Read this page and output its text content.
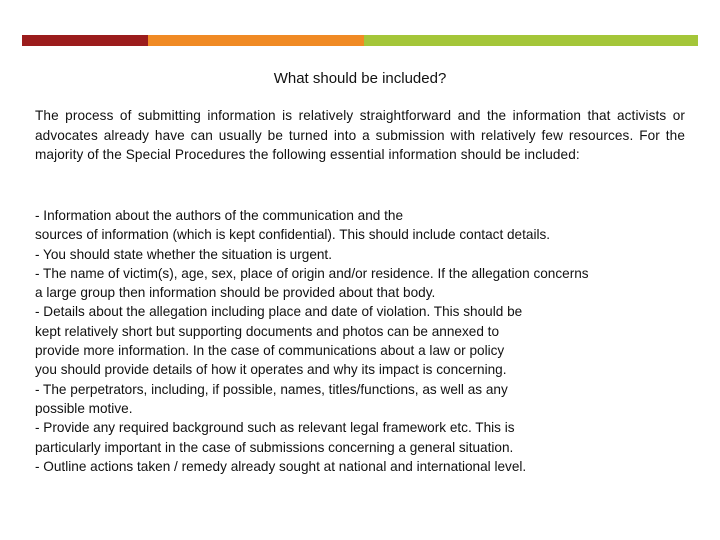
What should be included?

The process of submitting information is relatively straightforward and the information that activists or advocates already have can usually be turned into a submission with relatively few resources. For the majority of the Special Procedures the following essential information should be included:

- Information about the authors of the communication and the
sources of information (which is kept confidential). This should include contact details.
- You should state whether the situation is urgent.
- The name of victim(s), age, sex, place of origin and/or residence. If the allegation concerns
a large group then information should be provided about that body.
- Details about the allegation including place and date of violation. This should be
kept relatively short but supporting documents and photos can be annexed to
provide more information. In the case of communications about a law or policy
you should provide details of how it operates and why its impact is concerning.
- The perpetrators, including, if possible, names, titles/functions, as well as any
possible motive.
- Provide any required background such as relevant legal framework etc. This is
particularly important in the case of submissions concerning a general situation.
- Outline actions taken / remedy already sought at national and international level.
